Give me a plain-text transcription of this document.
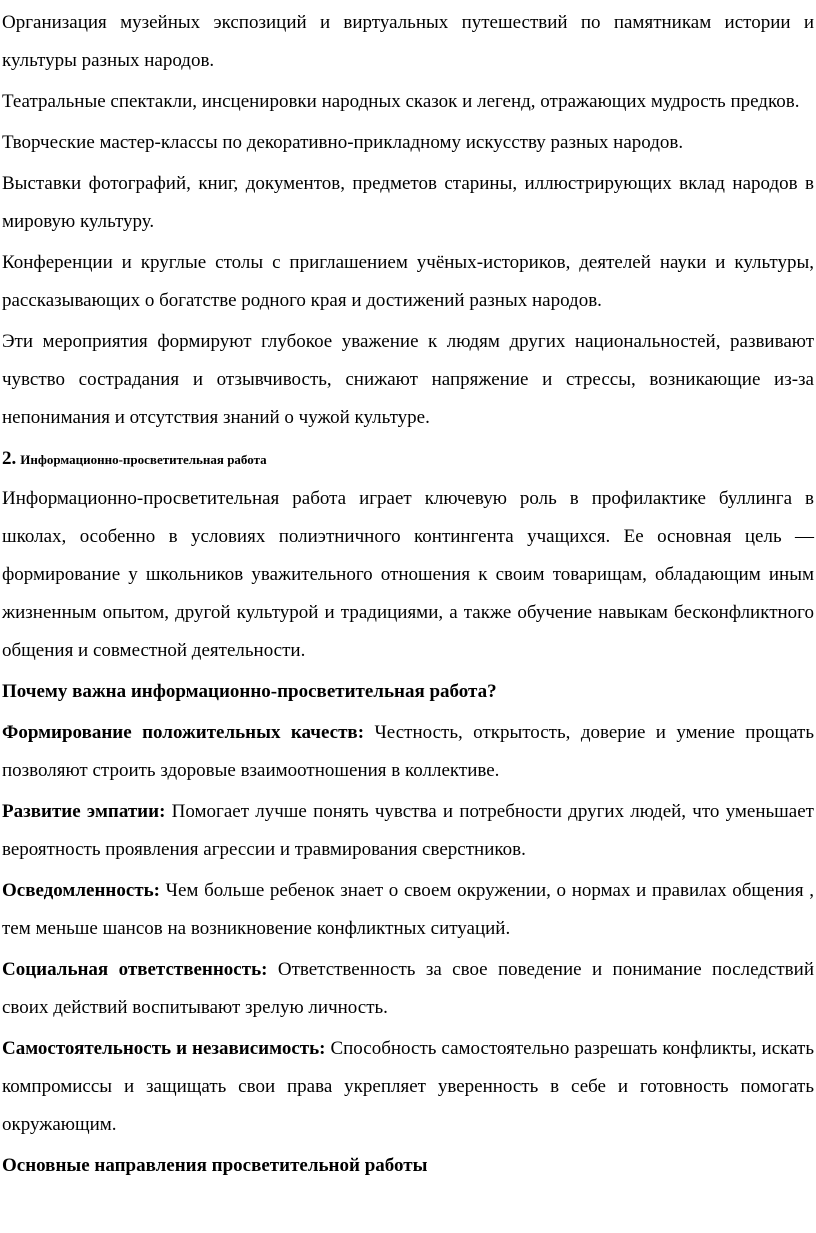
Организация музейных экспозиций и виртуальных путешествий по памятникам истории и культуры разных народов.

Театральные спектакли, инсценировки народных сказок и легенд, отражающих мудрость предков.

Творческие мастер-классы по декоративно-прикладному искусству разных народов.

Выставки фотографий, книг, документов, предметов старины, иллюстрирующих вклад народов в мировую культуру.

Конференции и круглые столы с приглашением учёных-историков, деятелей науки и культуры, рассказывающих о богатстве родного края и достижений разных народов.

Эти мероприятия формируют глубокое уважение к людям других национальностей, развивают чувство сострадания и отзывчивость, снижают напряжение и стрессы, возникающие из-за непонимания и отсутствия знаний о чужой культуре.

2. Информационно-просветительная работа

Информационно-просветительная работа играет ключевую роль в профилактике буллинга в школах, особенно в условиях полиэтничного контингента учащихся. Ее основная цель — формирование у школьников уважительного отношения к своим товарищам, обладающим иным жизненным опытом, другой культурой и традициями, а также обучение навыкам бесконфликтного общения и совместной деятельности.

Почему важна информационно-просветительная работа?

Формирование положительных качеств: Честность, открытость, доверие и умение прощать позволяют строить здоровые взаимоотношения в коллективе.

Развитие эмпатии: Помогает лучше понять чувства и потребности других людей, что уменьшает вероятность проявления агрессии и травмирования сверстников.

Осведомленность: Чем больше ребенок знает о своем окружении, о нормах и правилах общения , тем меньше шансов на возникновение конфликтных ситуаций.

Социальная ответственность: Ответственность за свое поведение и понимание последствий своих действий воспитывают зрелую личность.

Самостоятельность и независимость: Способность самостоятельно разрешать конфликты, искать компромиссы и защищать свои права укрепляет уверенность в себе и готовность помогать окружающим.

Основные направления просветительной работы
